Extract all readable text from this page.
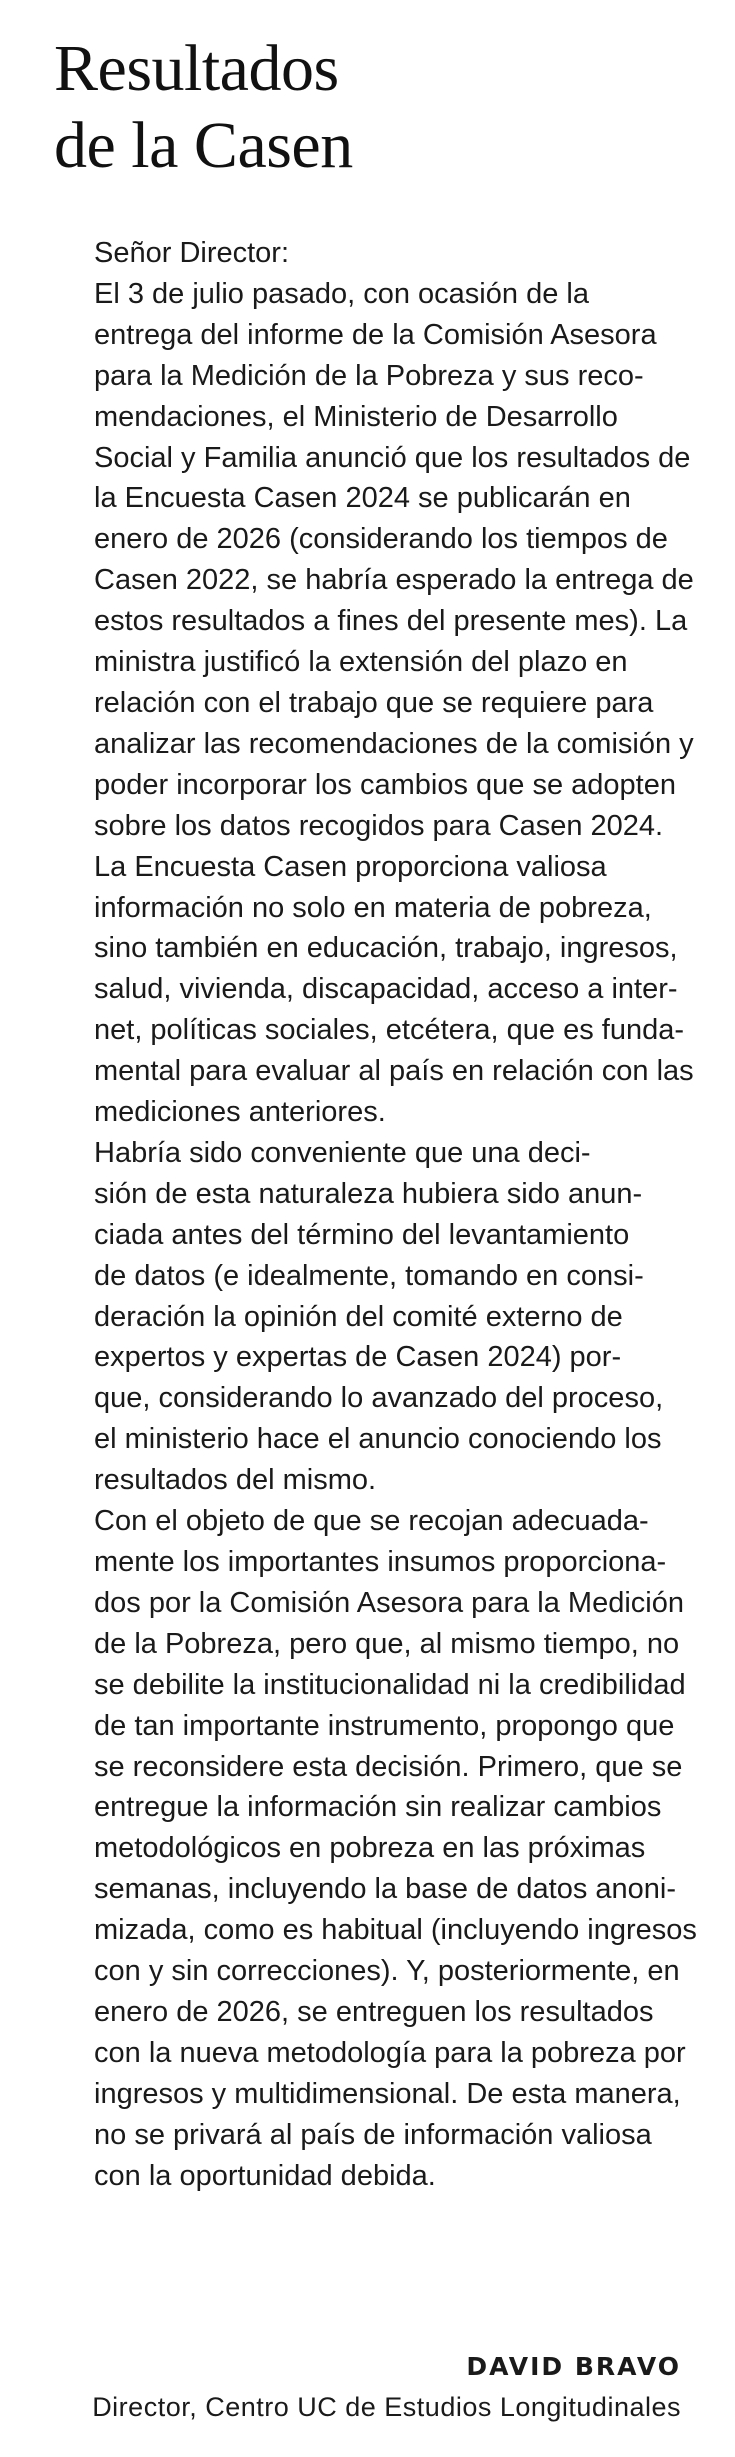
Resultados
de la Casen

Señor Director:

El 3 de julio pasado, con ocasión de la
entrega del informe de la Comisión Asesora
para la Medición de la Pobreza y sus reco-
mendaciones, el Ministerio de Desarrollo
Social y Familia anunció que los resultados de
la Encuesta Casen 2024 se publicarán en
enero de 2026 (considerando los tiempos de
Casen 2022, se habría esperado la entrega de
estos resultados a fines del presente mes). La
ministra justificó la extensión del plazo en
relación con el trabajo que se requiere para
analizar las recomendaciones de la comisión y
poder incorporar los cambios que se adopten
sobre los datos recogidos para Casen 2024.

La Encuesta Casen proporciona valiosa
información no solo en materia de pobreza,
sino también en educación, trabajo, ingresos,
salud, vivienda, discapacidad, acceso a inter-
net, políticas sociales, etcétera, que es funda-
mental para evaluar al país en relación con las
mediciones anteriores.

Habría sido conveniente que una deci-
sión de esta naturaleza hubiera sido anun-
ciada antes del término del levantamiento
de datos (e idealmente, tomando en consi-
deración la opinión del comité externo de
expertos y expertas de Casen 2024) por-
que, considerando lo avanzado del proceso,
el ministerio hace el anuncio conociendo los
resultados del mismo.

Con el objeto de que se recojan adecuada-
mente los importantes insumos proporciona-
dos por la Comisión Asesora para la Medición
de la Pobreza, pero que, al mismo tiempo, no
se debilite la institucionalidad ni la credibilidad
de tan importante instrumento, propongo que
se reconsidere esta decisión. Primero, que se
entregue la información sin realizar cambios
metodológicos en pobreza en las próximas
semanas, incluyendo la base de datos anoni-
mizada, como es habitual (incluyendo ingresos
con y sin correcciones). Y, posteriormente, en
enero de 2026, se entreguen los resultados
con la nueva metodología para la pobreza por
ingresos y multidimensional. De esta manera,
no se privará al país de información valiosa
con la oportunidad debida.

DAVID BRAVO

Director, Centro UC de Estudios Longitudinales
